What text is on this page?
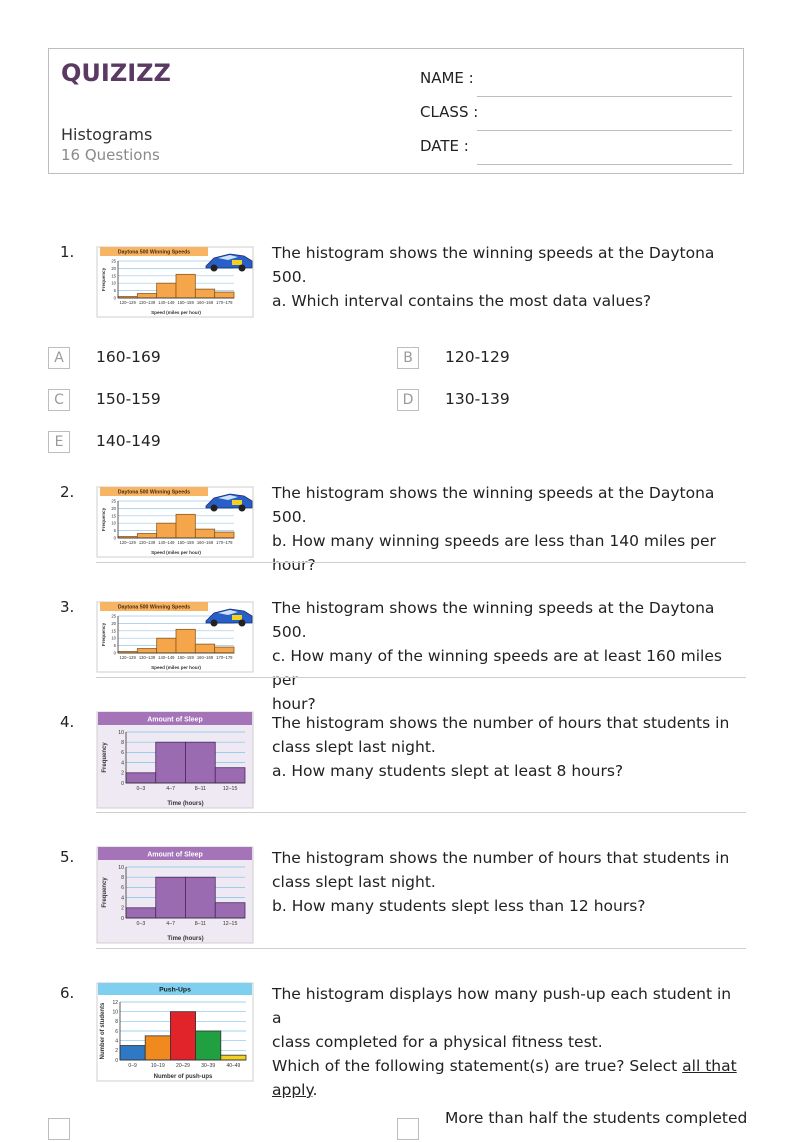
QUIZIZZ
Histograms
16 Questions
NAME :
CLASS :
DATE :
1.	Daytona 500 Winning Speeds
0
5
10
15
20
25
120–129 130–139 140–149 150–159 160–169 170–179
Speed (miles per hour)
Frequency
The histogram shows the winning speeds at the Daytona 500.
a. Which interval contains the most data values?
A	160-169	B	120-129
C	150-159	D	130-139
E	140-149
2.	Daytona 500 Winning Speeds
0
5
10
15
20
25
120–129 130–139 140–149 150–159 160–169 170–179
Speed (miles per hour)
Frequency
The histogram shows the winning speeds at the Daytona 500.
b. How many winning speeds are less than 140 miles per hour?
3.	Daytona 500 Winning Speeds
0
5
10
15
20
25
120–129 130–139 140–149 150–159 160–169 170–179
Speed (miles per hour)
Frequency
The histogram shows the winning speeds at the Daytona 500.
c. How many of the winning speeds are at least 160 miles per
hour?
4.	Amount of Sleep
0
2
4
6
8
10
0–3	4–7	8–11	12–15
Time (hours)
Frequency
The histogram shows the number of hours that students in
class slept last night.
a. How many students slept at least 8 hours?
5.	Amount of Sleep
0
2
4
6
8
10
0–3	4–7	8–11	12–15
Time (hours)
Frequency
The histogram shows the number of hours that students in
class slept last night.
b. How many students slept less than 12 hours?
6.	Push-Ups
0
2
4
6
8
10
12
0–9	10–19 20–29 30–39 40–49
Number of push-ups
Number of students
The histogram displays how many push-up each student in a
class completed for a physical fitness test.
Which of the following statement(s) are true? Select all that
apply.
More than half the students completed
